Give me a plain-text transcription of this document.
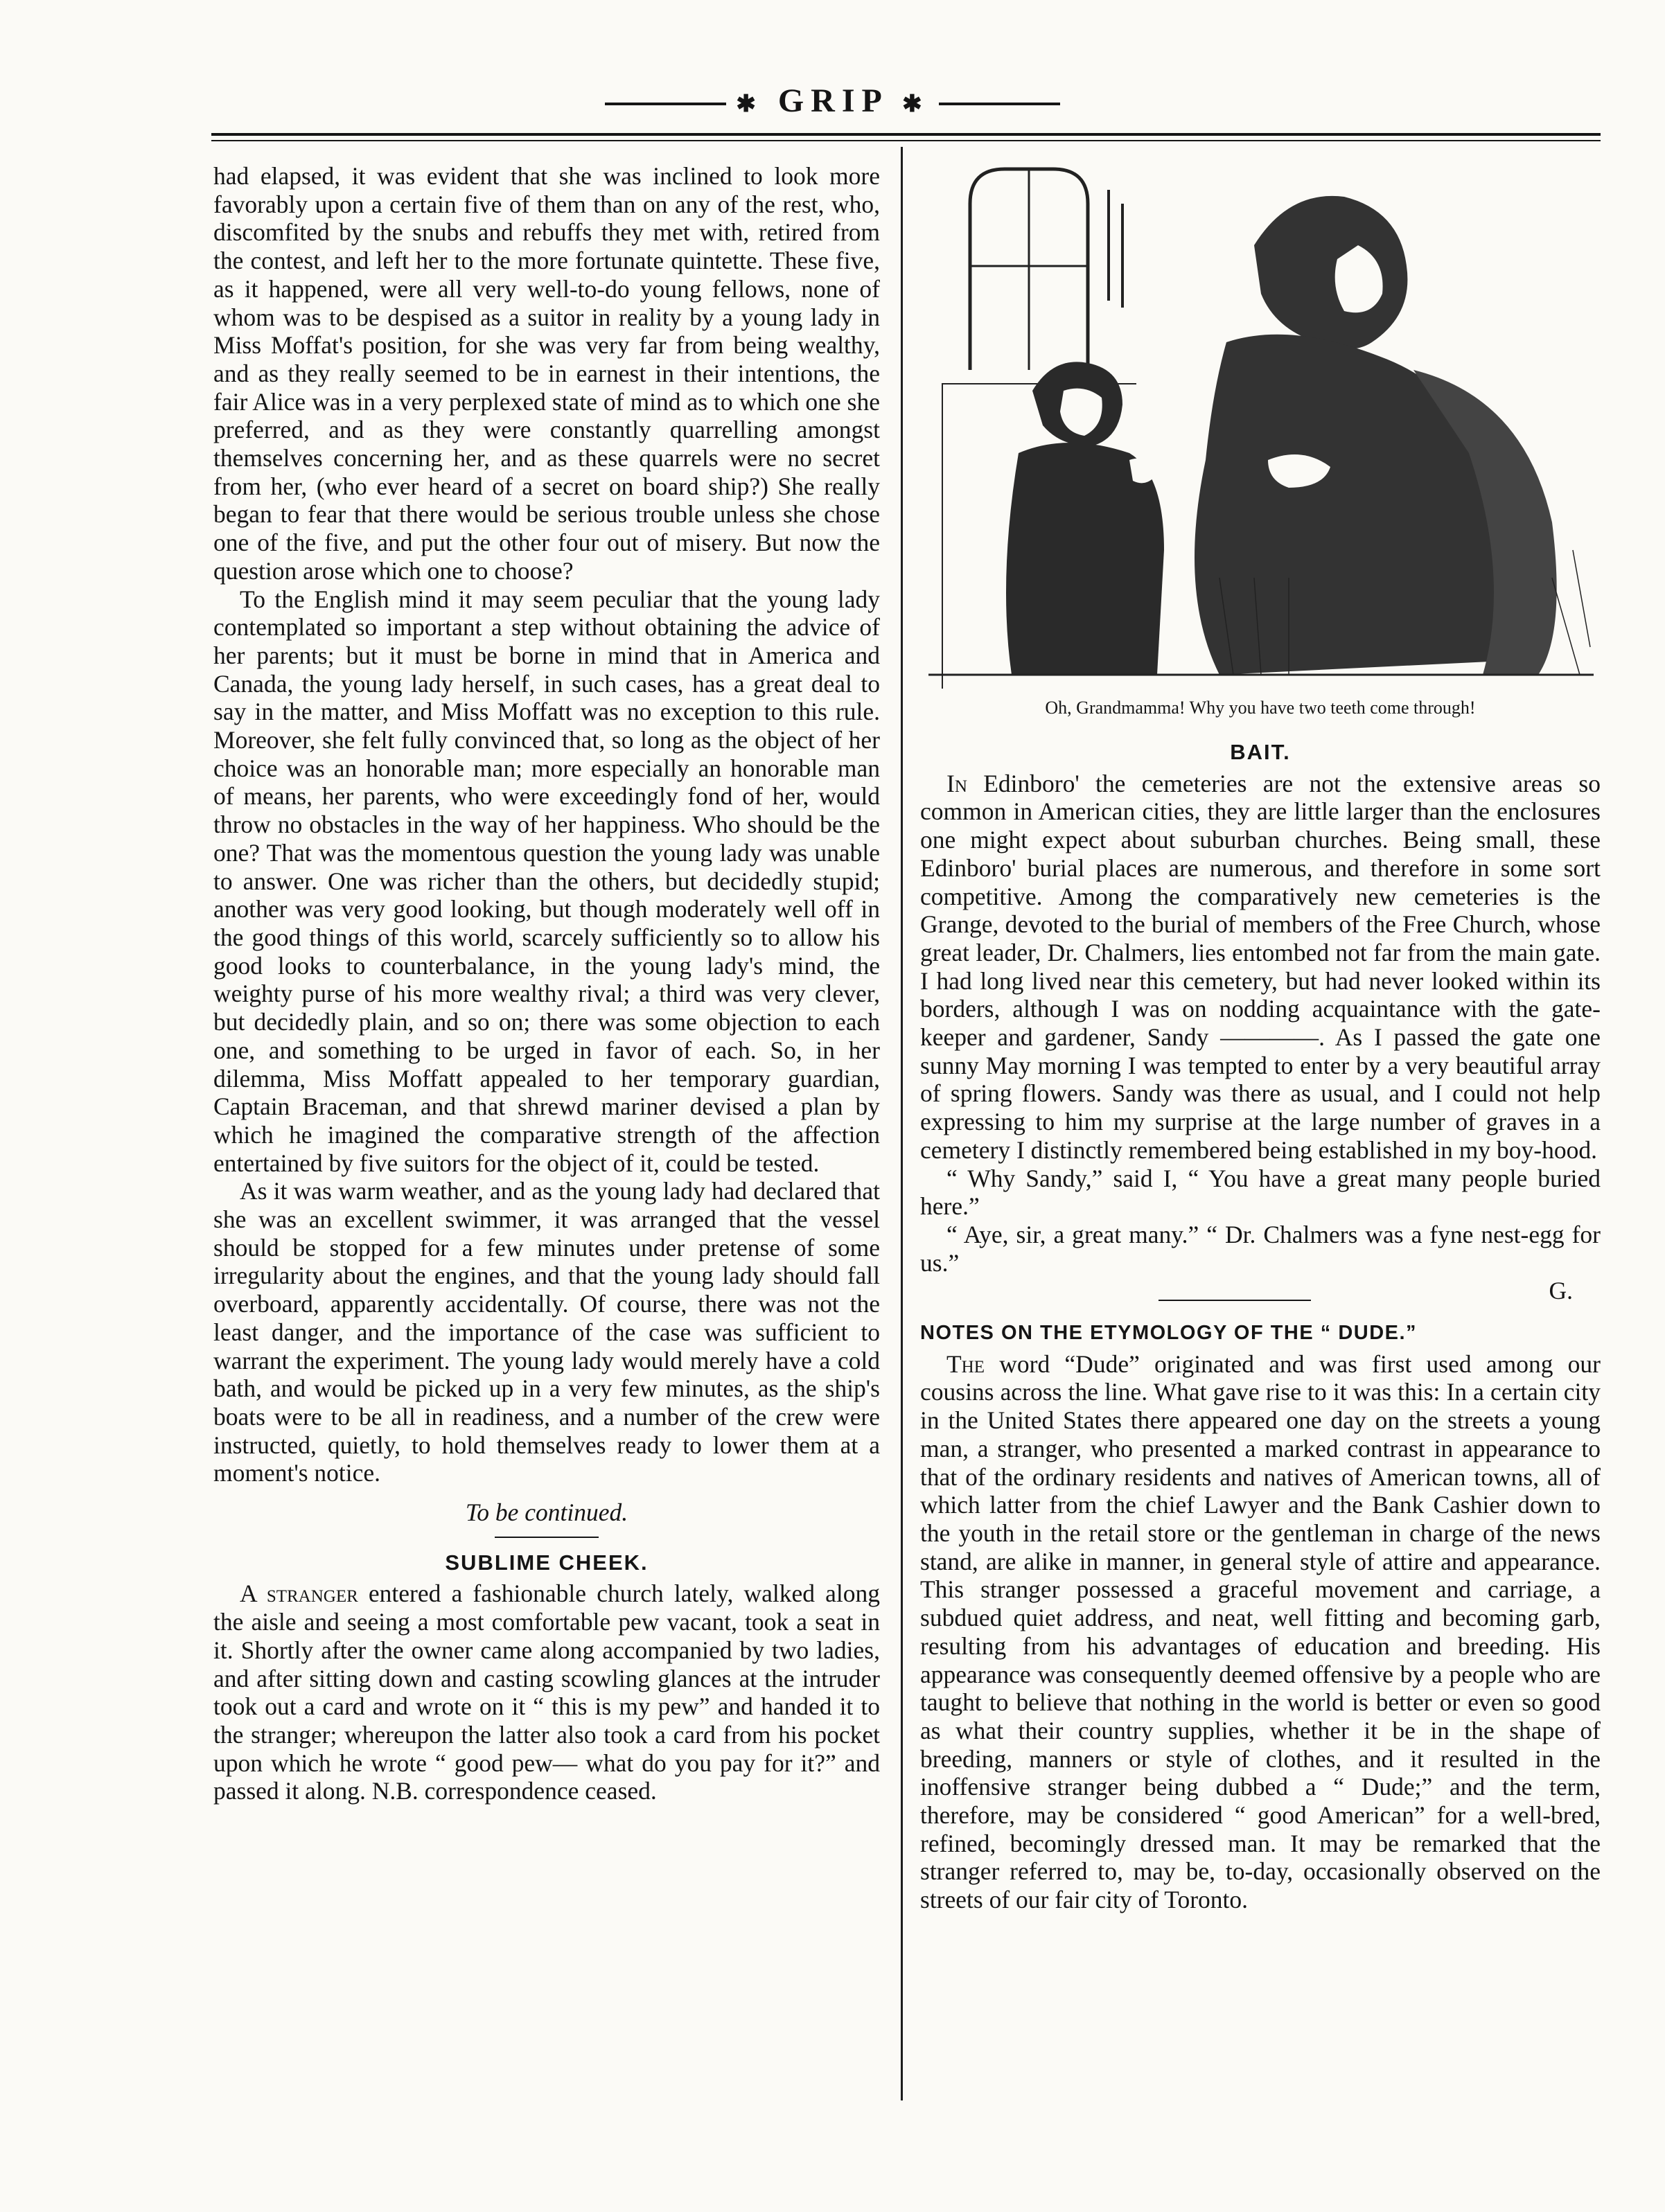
✱ GRIP ✱

had elapsed, it was evident that she was inclined to look more favorably upon a certain five of them than on any of the rest, who, discomfited by the snubs and rebuffs they met with, retired from the contest, and left her to the more fortunate quintette. These five, as it happened, were all very well-to-do young fellows, none of whom was to be despised as a suitor in reality by a young lady in Miss Moffat's position, for she was very far from being wealthy, and as they really seemed to be in earnest in their intentions, the fair Alice was in a very perplexed state of mind as to which one she preferred, and as they were constantly quarrelling amongst themselves concerning her, and as these quarrels were no secret from her, (who ever heard of a secret on board ship?) She really began to fear that there would be serious trouble unless she chose one of the five, and put the other four out of misery. But now the question arose which one to choose?

To the English mind it may seem peculiar that the young lady contemplated so important a step without obtaining the advice of her parents; but it must be borne in mind that in America and Canada, the young lady herself, in such cases, has a great deal to say in the matter, and Miss Moffatt was no exception to this rule. Moreover, she felt fully convinced that, so long as the object of her choice was an honorable man; more especially an honorable man of means, her parents, who were exceedingly fond of her, would throw no obstacles in the way of her happiness. Who should be the one? That was the momentous question the young lady was unable to answer. One was richer than the others, but decidedly stupid; another was very good looking, but though moderately well off in the good things of this world, scarcely sufficiently so to allow his good looks to counterbalance, in the young lady's mind, the weighty purse of his more wealthy rival; a third was very clever, but decidedly plain, and so on; there was some objection to each one, and something to be urged in favor of each. So, in her dilemma, Miss Moffatt appealed to her temporary guardian, Captain Braceman, and that shrewd mariner devised a plan by which he imagined the comparative strength of the affection entertained by five suitors for the object of it, could be tested.

As it was warm weather, and as the young lady had declared that she was an excellent swimmer, it was arranged that the vessel should be stopped for a few minutes under pretense of some irregularity about the engines, and that the young lady should fall overboard, apparently accidentally. Of course, there was not the least danger, and the importance of the case was sufficient to warrant the experiment. The young lady would merely have a cold bath, and would be picked up in a very few minutes, as the ship's boats were to be all in readiness, and a number of the crew were instructed, quietly, to hold themselves ready to lower them at a moment's notice.

To be continued.
SUBLIME CHEEK.

A stranger entered a fashionable church lately, walked along the aisle and seeing a most comfortable pew vacant, took a seat in it. Shortly after the owner came along accompanied by two ladies, and after sitting down and casting scowling glances at the intruder took out a card and wrote on it “ this is my pew” and handed it to the stranger; whereupon the latter also took a card from his pocket upon which he wrote “ good pew— what do you pay for it?” and passed it along. N.B. correspondence ceased.

Oh, Grandmamma! Why you have two teeth come through!
BAIT.

In Edinboro' the cemeteries are not the extensive areas so common in American cities, they are little larger than the enclosures one might expect about suburban churches. Being small, these Edinboro' burial places are numerous, and therefore in some sort competitive. Among the comparatively new cemeteries is the Grange, devoted to the burial of members of the Free Church, whose great leader, Dr. Chalmers, lies entombed not far from the main gate. I had long lived near this cemetery, but had never looked within its borders, although I was on nodding acquaintance with the gate-keeper and gardener, Sandy ————. As I passed the gate one sunny May morning I was tempted to enter by a very beautiful array of spring flowers. Sandy was there as usual, and I could not help expressing to him my surprise at the large number of graves in a cemetery I distinctly remembered being established in my boy-hood.

“ Why Sandy,” said I, “ You have a great many people buried here.”

“ Aye, sir, a great many.” “ Dr. Chalmers was a fyne nest-egg for us.”

G.
NOTES ON THE ETYMOLOGY OF THE “ DUDE.”

The word “Dude” originated and was first used among our cousins across the line. What gave rise to it was this: In a certain city in the United States there appeared one day on the streets a young man, a stranger, who presented a marked contrast in appearance to that of the ordinary residents and natives of American towns, all of which latter from the chief Lawyer and the Bank Cashier down to the youth in the retail store or the gentleman in charge of the news stand, are alike in manner, in general style of attire and appearance. This stranger possessed a graceful movement and carriage, a subdued quiet address, and neat, well fitting and becoming garb, resulting from his advantages of education and breeding. His appearance was consequently deemed offensive by a people who are taught to believe that nothing in the world is better or even so good as what their country supplies, whether it be in the shape of breeding, manners or style of clothes, and it resulted in the inoffensive stranger being dubbed a “ Dude;” and the term, therefore, may be considered “ good American” for a well-bred, refined, becomingly dressed man. It may be remarked that the stranger referred to, may be, to-day, occasionally observed on the streets of our fair city of Toronto.
